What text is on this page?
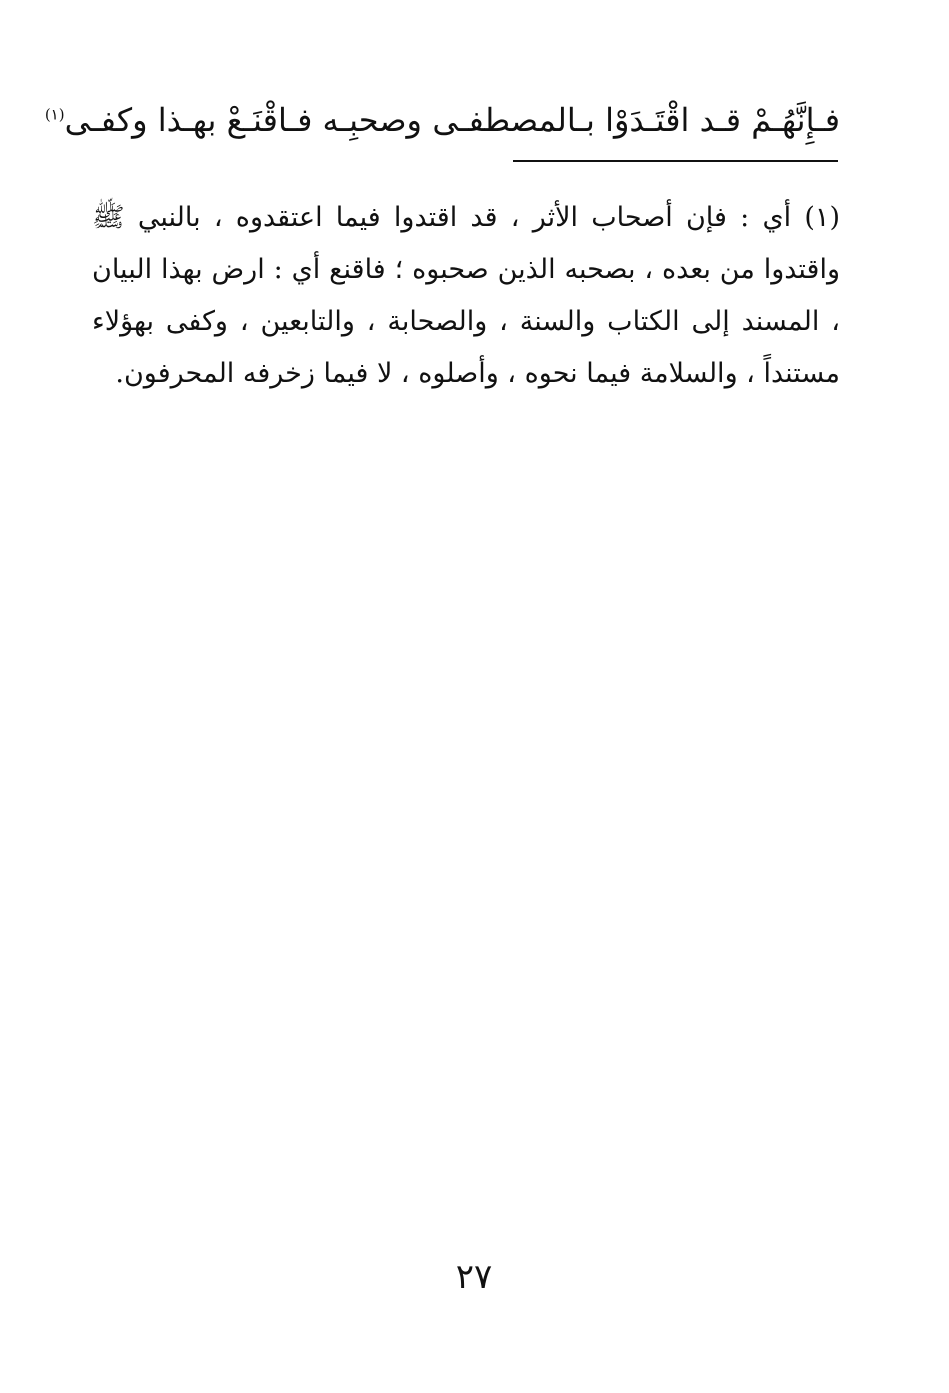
فـإِنَّهُـمْ قـد اقْتَـدَوْا بـالمصطفـى
وصحبِـه فـاقْنَـعْ بهـذا وكفـى$^{(١)}$
(١) أي : فإن أصحاب الأثر ، قد اقتدوا فيما اعتقدوه ، بالنبي ﷺ واقتدوا من بعده ، بصحبه الذين صحبوه ؛ فاقنع أي : ارض بهذا البيان ، المسند إلى الكتاب والسنة ، والصحابة ، والتابعين ، وكفى بهؤلاء مستنداً ، والسلامة فيما نحوه ، وأصلوه ، لا فيما زخرفه المحرفون.
٢٧
